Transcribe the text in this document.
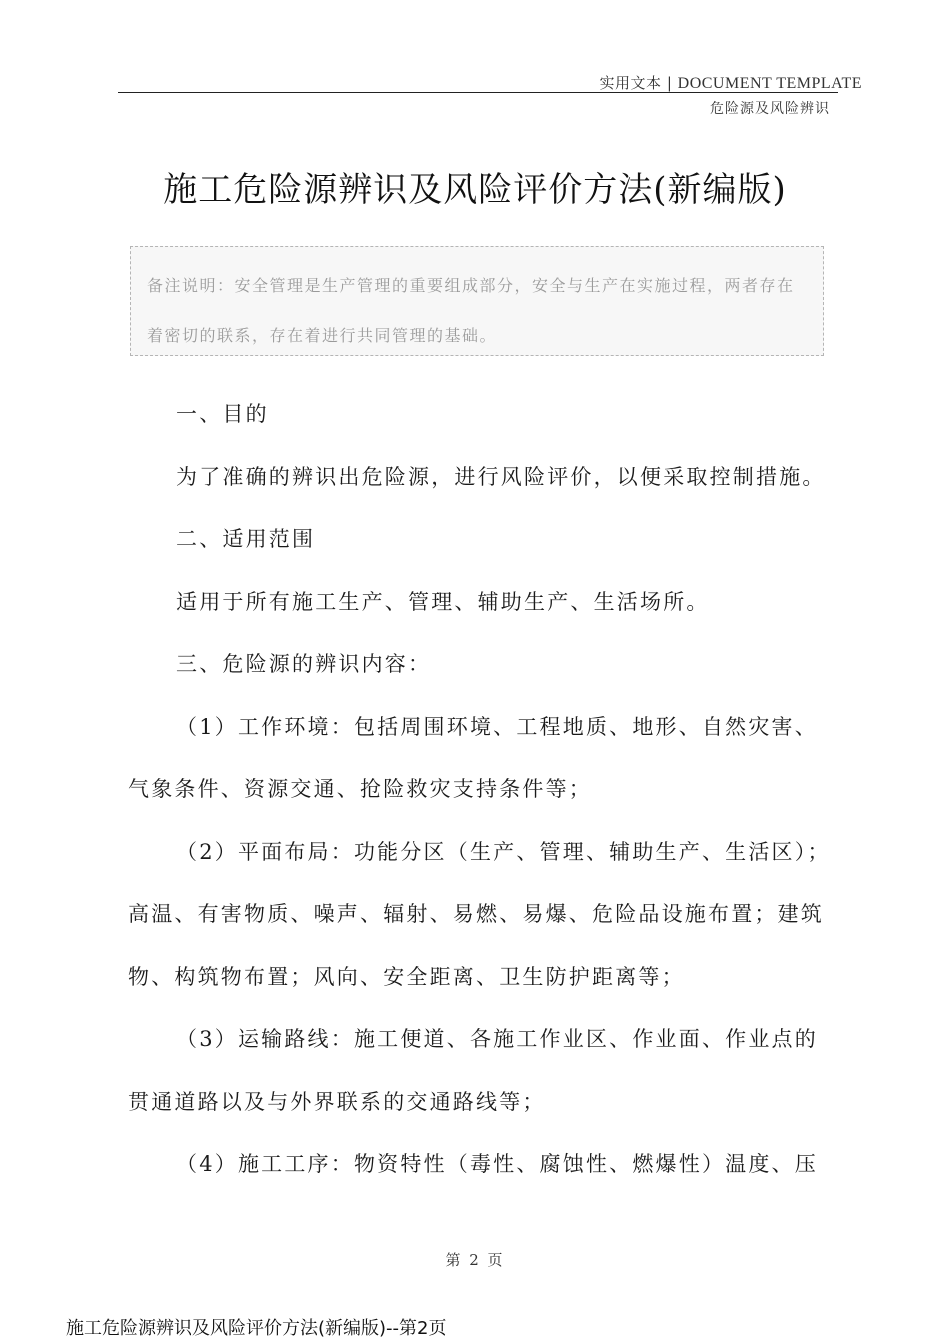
实用文本 | DOCUMENT TEMPLATE
危险源及风险辨识
施工危险源辨识及风险评价方法(新编版)
备注说明：安全管理是生产管理的重要组成部分，安全与生产在实施过程，两者存在着密切的联系，存在着进行共同管理的基础。

一、目的

为了准确的辨识出危险源，进行风险评价，以便采取控制措施。

二、适用范围

适用于所有施工生产、管理、辅助生产、生活场所。

三、危险源的辨识内容：

（1）工作环境：包括周围环境、工程地质、地形、自然灾害、气象条件、资源交通、抢险救灾支持条件等；

（2）平面布局：功能分区（生产、管理、辅助生产、生活区）；高温、有害物质、噪声、辐射、易燃、易爆、危险品设施布置；建筑物、构筑物布置；风向、安全距离、卫生防护距离等；

（3）运输路线：施工便道、各施工作业区、作业面、作业点的贯通道路以及与外界联系的交通路线等；

（4）施工工序：物资特性（毒性、腐蚀性、燃爆性）温度、压

第 2 页
施工危险源辨识及风险评价方法(新编版)--第2页
